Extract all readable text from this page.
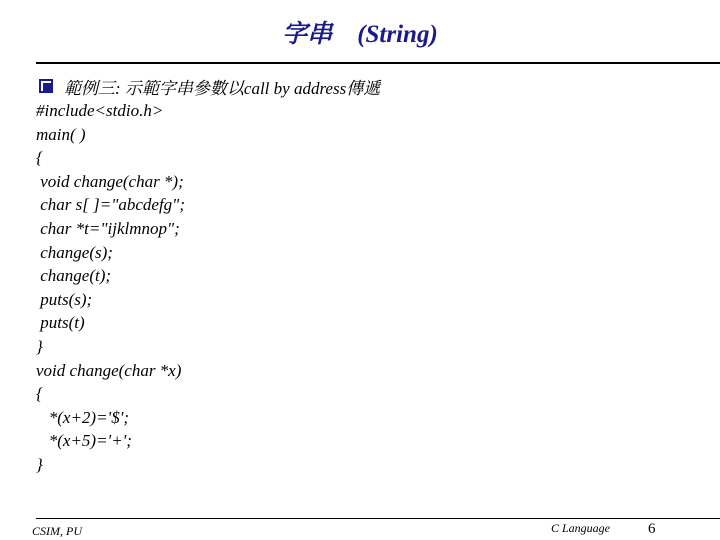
字串　(String)
範例三: 示範字串參數以call by address傳遞
#include<stdio.h>
main( )
{
void change(char *);
char s[ ]="abcdefg";
char *t="ijklmnop";
change(s);
change(t);
puts(s);
puts(t)
}
void change(char *x)
{
*(x+2)='$';
*(x+5)='+';
}
CSIM, PU	C Language	6
